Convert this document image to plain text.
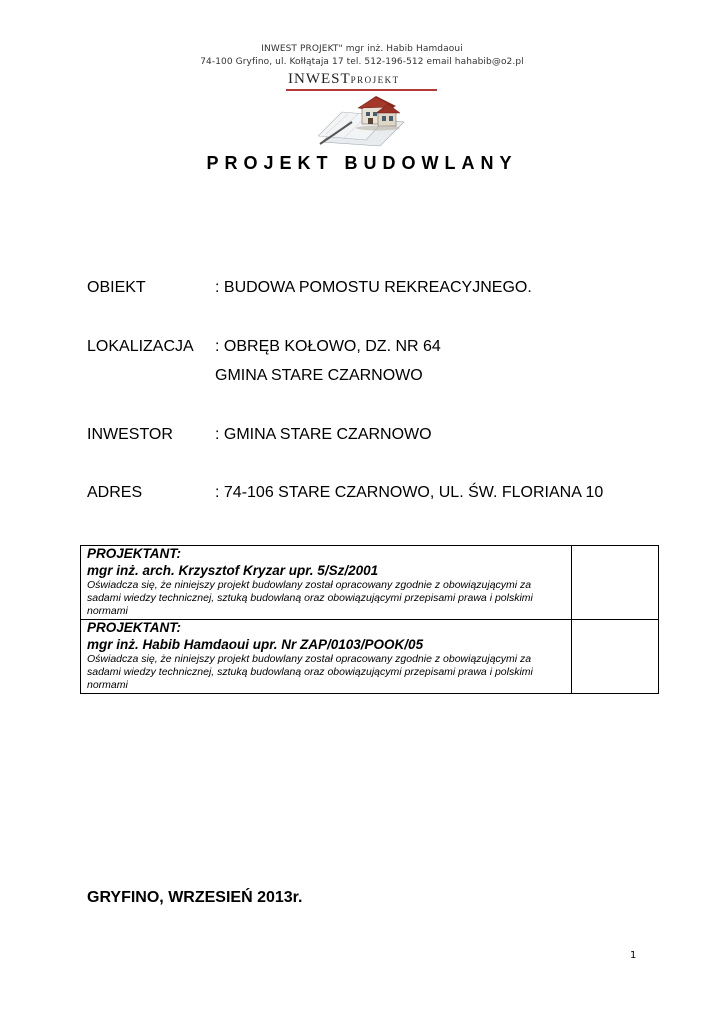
INWEST PROJEKT" mgr inż. Habib Hamdaoui
74-100 Gryfino, ul. Kołłątaja 17 tel. 512-196-512 email hahabib@o2.pl
INWESTPROJEKT
PROJEKT BUDOWLANY
OBIEKT	: BUDOWA POMOSTU REKREACYJNEGO.
LOKALIZACJA : OBRĘB KOŁOWO, DZ. NR 64
GMINA STARE CZARNOWO
INWESTOR	: GMINA STARE CZARNOWO
ADRES	: 74-106 STARE CZARNOWO, UL. ŚW. FLORIANA 10
PROJEKTANT:
mgr inż. arch. Krzysztof Kryzar upr. 5/Sz/2001
Oświadcza się, że niniejszy projekt budowlany został opracowany zgodnie z obowiązującymi za sadami wiedzy technicznej, sztuką budowlaną oraz obowiązującymi przepisami prawa i polskimi normami	

PROJEKTANT:
mgr inż. Habib Hamdaoui upr. Nr ZAP/0103/POOK/05
Oświadcza się, że niniejszy projekt budowlany został opracowany zgodnie z obowiązującymi za sadami wiedzy technicznej, sztuką budowlaną oraz obowiązującymi przepisami prawa i polskimi normami	

GRYFINO, WRZESIEŃ 2013r.
1
